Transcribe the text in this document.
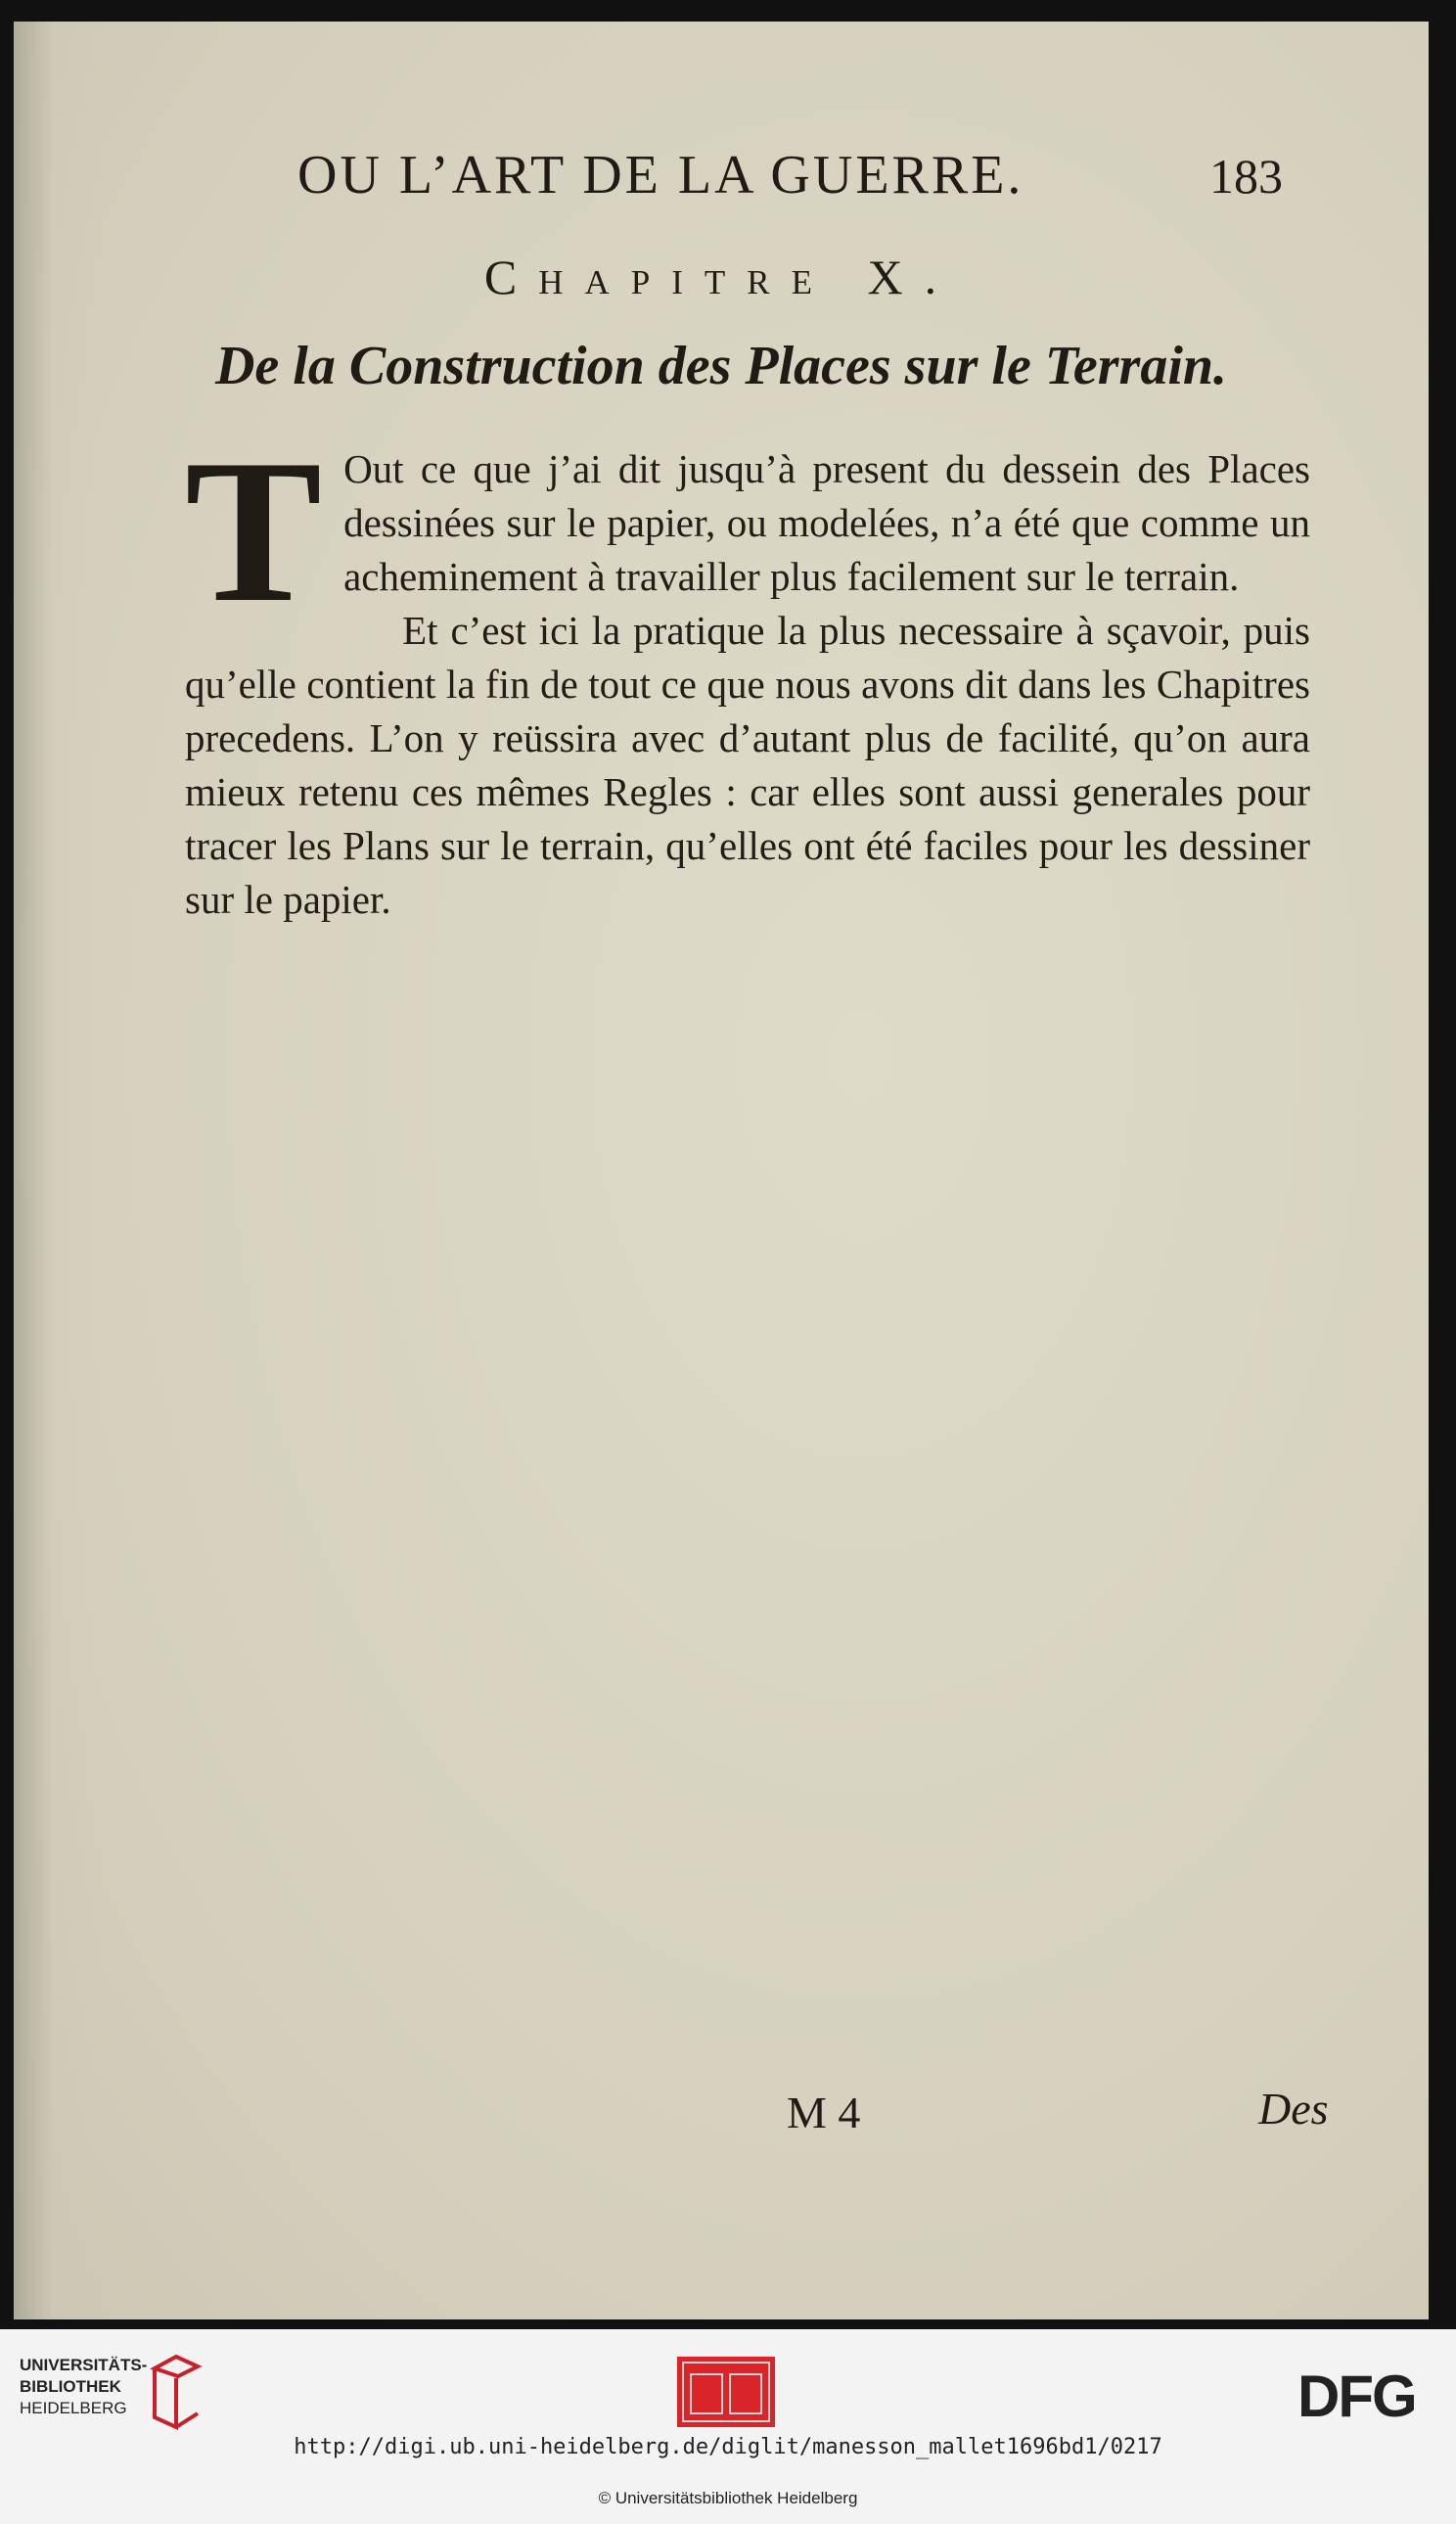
OU L’ART DE LA GUERRE.	183
Chapitre X.
De la Construction des Places sur le Terrain.

T Out ce que j’ai dit jusqu’à present du dessein des Places dessinées sur le papier, ou modelées, n’a été que comme un acheminement à travailler plus facilement sur le terrain.

Et c’est ici la pratique la plus necessaire à sçavoir, puis qu’elle contient la fin de tout ce que nous avons dit dans les Chapitres precedens. L’on y reüssira avec d’autant plus de facilité, qu’on aura mieux retenu ces mêmes Regles : car elles sont aussi generales pour tracer les Plans sur le terrain, qu’elles ont été faciles pour les dessiner sur le papier.

M 4	Des
UNIVERSITÄTS-
BIBLIOTHEK
HEIDELBERG	DFG
http://digi.ub.uni-heidelberg.de/diglit/manesson_mallet1696bd1/0217
© Universitätsbibliothek Heidelberg
